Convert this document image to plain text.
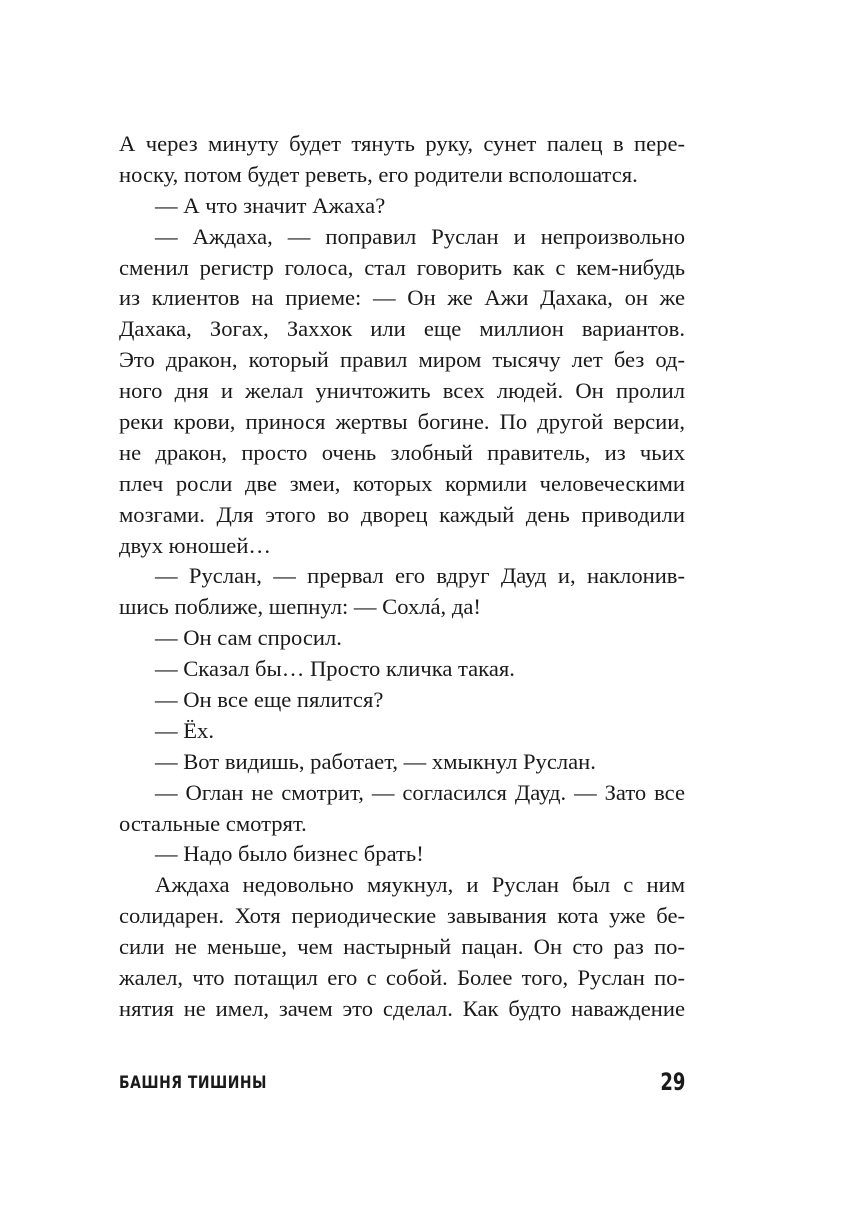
А через минуту будет тянуть руку, сунет палец в пере-
носку, потом будет реветь, его родители всполошатся.
— А что значит Ажаха?
— Аждаха, — поправил Руслан и непроизвольно
сменил регистр голоса, стал говорить как с кем-нибудь
из клиентов на приеме: — Он же Ажи Дахака, он же
Дахака, Зогах, Заххок или еще миллион вариантов.
Это дракон, который правил миром тысячу лет без од-
ного дня и желал уничтожить всех людей. Он пролил
реки крови, принося жертвы богине. По другой версии,
не дракон, просто очень злобный правитель, из чьих
плеч росли две змеи, которых кормили человеческими
мозгами. Для этого во дворец каждый день приводили
двух юношей…
— Руслан, — прервал его вдруг Дауд и, наклонив-
шись поближе, шепнул: — Сохлá, да!
— Он сам спросил.
— Сказал бы… Просто кличка такая.
— Он все еще пялится?
— Ёх.
— Вот видишь, работает, — хмыкнул Руслан.
— Оглан не смотрит, — согласился Дауд. — Зато все
остальные смотрят.
— Надо было бизнес брать!
Аждаха недовольно мяукнул, и Руслан был с ним
солидарен. Хотя периодические завывания кота уже бе-
сили не меньше, чем настырный пацан. Он сто раз по-
жалел, что потащил его с собой. Более того, Руслан по-
нятия не имел, зачем это сделал. Как будто наваждение
БАШНЯ ТИШИНЫ	29
